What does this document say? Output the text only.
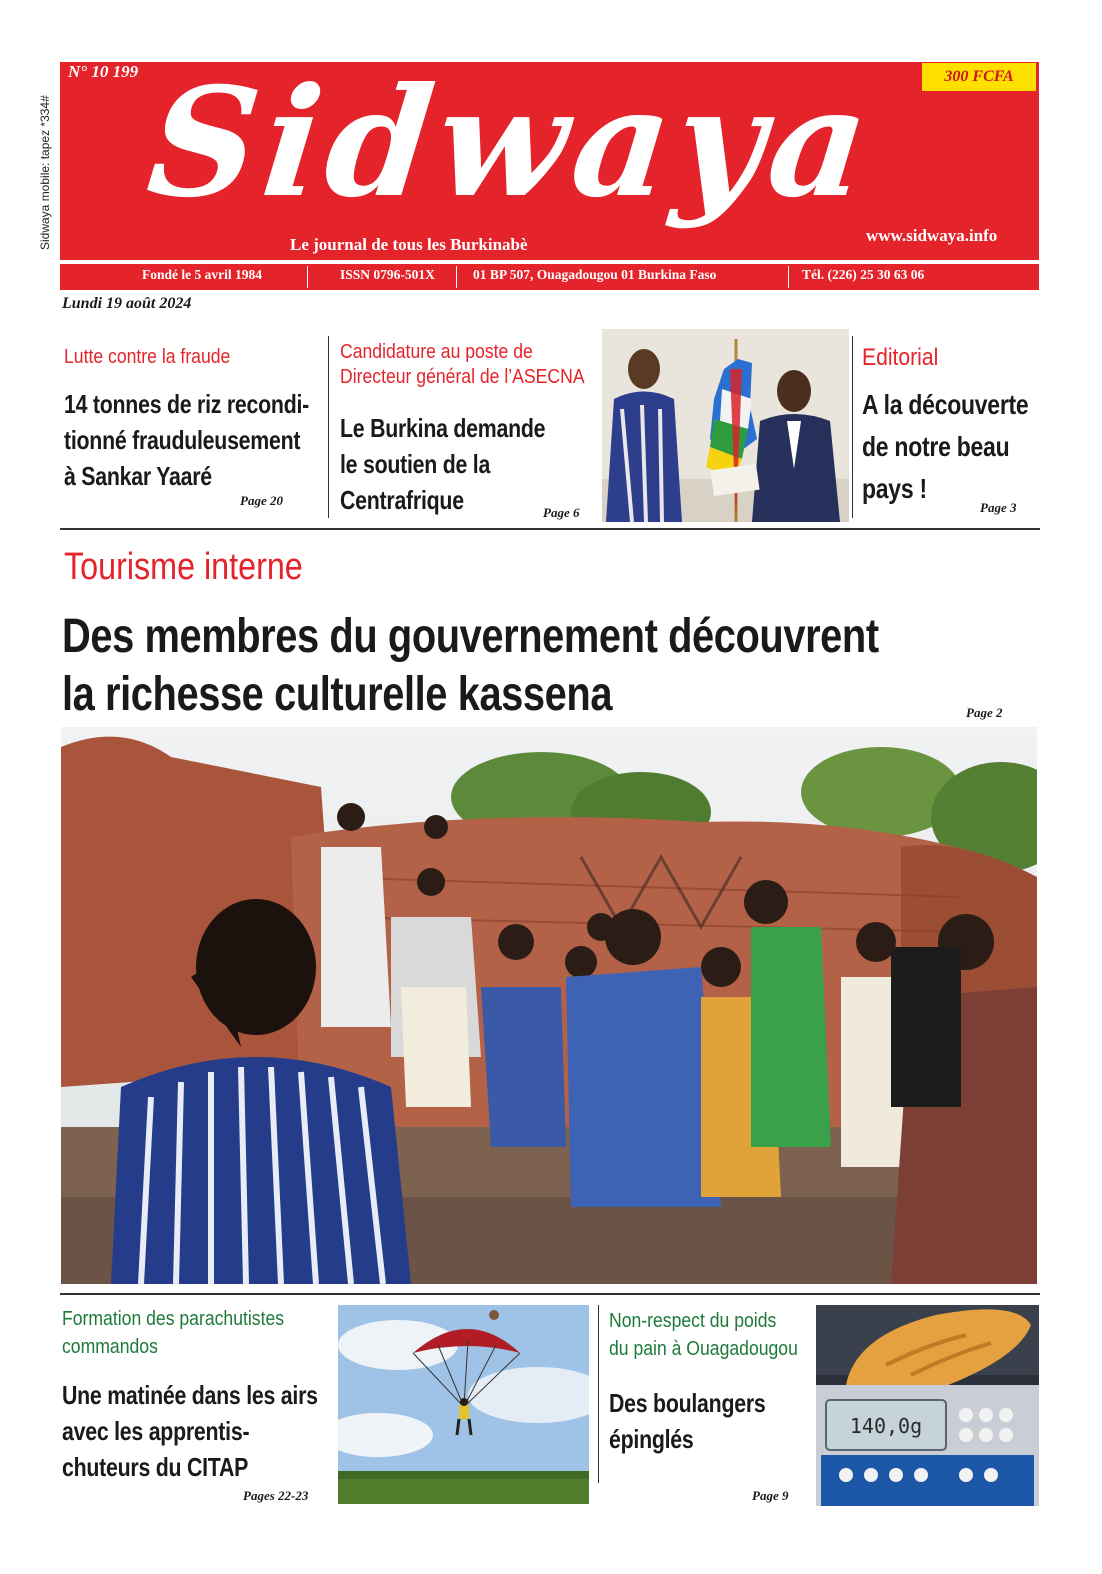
Sidwaya mobile: tapez *334#
N° 10 199	300 FCFA
Sidwaya
Le journal de tous les Burkinabè	www.sidwaya.info
Fondé le 5 avril 1984	ISSN 0796-501X	01 BP 507, Ouagadougou 01 Burkina Faso	Tél. (226) 25 30 63 06
Lundi 19 août 2024
Lutte contre la fraude
14 tonnes de riz recondi-
tionné frauduleusement
à Sankar Yaaré
Page 20
Candidature au poste de
Directeur général de l’ASECNA
Le Burkina demande
le soutien de la
Centrafrique	Page 6
Editorial
A la découverte
de notre beau
pays !
Page 3
Tourisme interne
Des membres du gouvernement découvrent
la richesse culturelle kassena	Page 2
Formation des parachutistes
commandos
Une matinée dans les airs
avec les apprentis-
chuteurs du CITAP
Pages 22-23
Non-respect du poids
du pain à Ouagadougou
Des boulangers
épinglés
Page 9
140,0g
